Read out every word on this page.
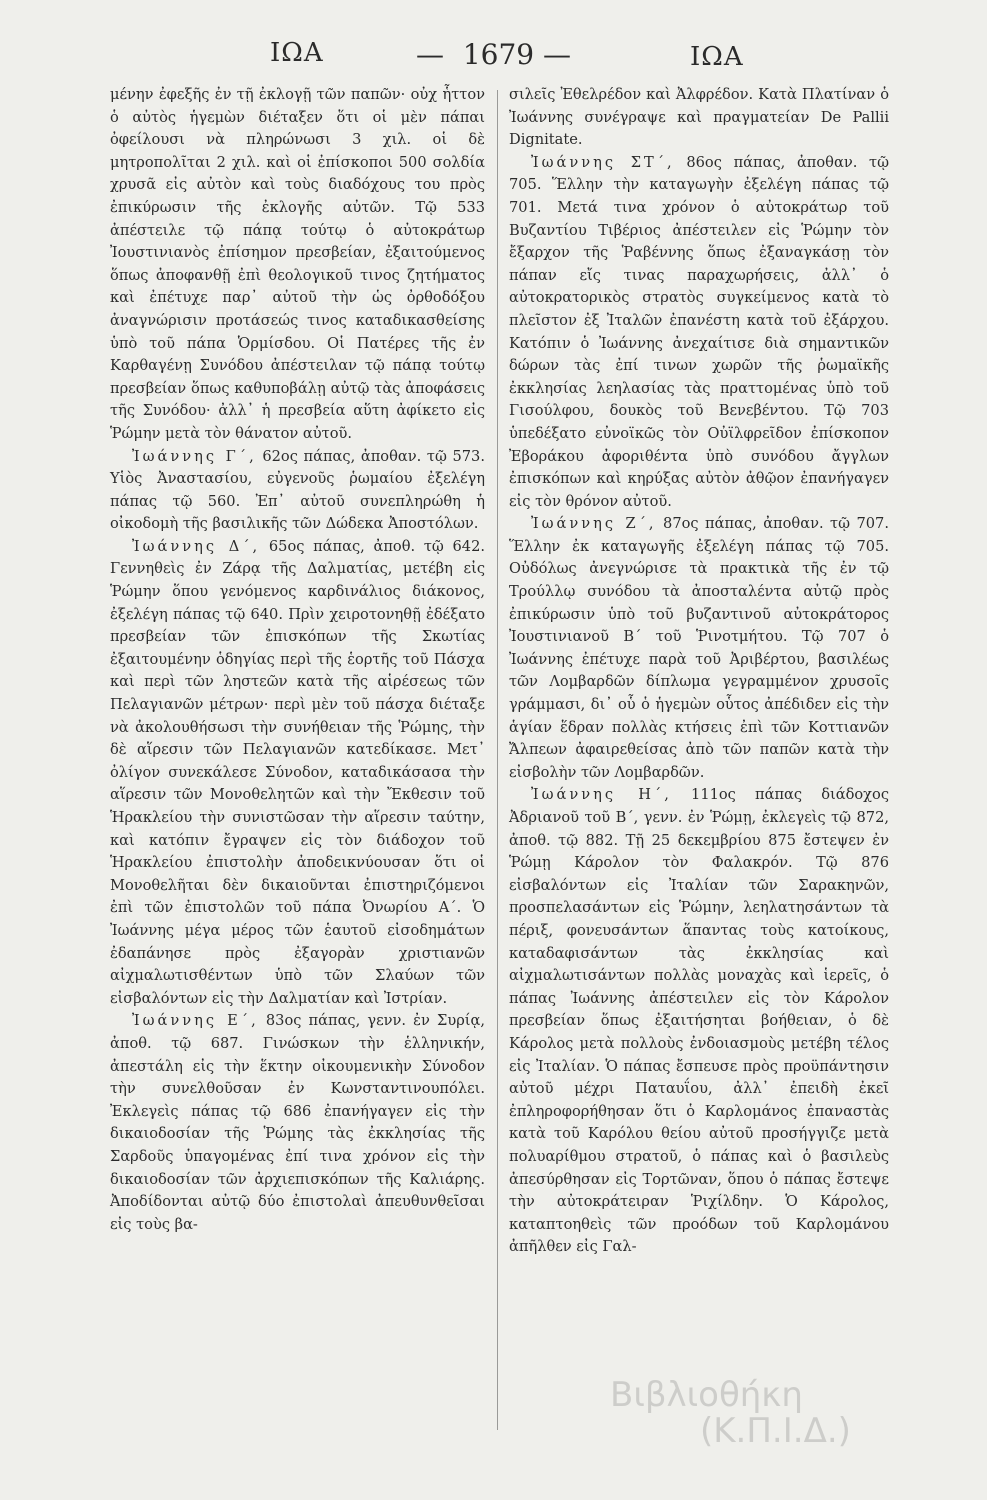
— 1679 —
ΙΩΑ	ΙΩΑ

μένην ἐφεξῆς ἐν τῇ ἐκλογῇ τῶν παπῶν· οὐχ ἧττον ὁ αὐτὸς ἡγεμὼν διέταξεν ὅτι οἱ μὲν πάπαι ὀφείλουσι νὰ πληρώνωσι 3 χιλ. οἱ δὲ μητροπολῖται 2 χιλ. καὶ οἱ ἐπίσκοποι 500 σολδία χρυσᾶ εἰς αὐτὸν καὶ τοὺς διαδόχους του πρὸς ἐπικύρωσιν τῆς ἐκλογῆς αὐτῶν. Τῷ 533 ἀπέστειλε τῷ πάπᾳ τούτῳ ὁ αὐτοκράτωρ Ἰουστινιανὸς ἐπίσημον πρεσβείαν, ἐξαιτούμενος ὅπως ἀποφανθῇ ἐπὶ θεολογικοῦ τινος ζητήματος καὶ ἐπέτυχε παρ᾽ αὐτοῦ τὴν ὡς ὀρθοδόξου ἀναγνώρισιν προτάσεώς τινος καταδικασθείσης ὑπὸ τοῦ πάπα Ὁρμίσδου. Οἱ Πατέρες τῆς ἐν Καρθαγένῃ Συνόδου ἀπέστειλαν τῷ πάπᾳ τούτῳ πρεσβείαν ὅπως καθυποβάλῃ αὐτῷ τὰς ἀποφάσεις τῆς Συνόδου· ἀλλ᾽ ἡ πρεσβεία αὕτη ἀφίκετο εἰς Ῥώμην μετὰ τὸν θάνατον αὐτοῦ.

Ἰωάννης Γ΄, 62ος πάπας, ἀποθαν. τῷ 573. Υἱὸς Ἀναστασίου, εὐγενοῦς ῥωμαίου ἐξελέγη πάπας τῷ 560. Ἐπ᾽ αὐτοῦ συνεπληρώθη ἡ οἰκοδομὴ τῆς βασιλικῆς τῶν Δώδεκα Ἀποστόλων.

Ἰωάννης Δ΄, 65ος πάπας, ἀποθ. τῷ 642. Γεννηθεὶς ἐν Ζάρᾳ τῆς Δαλματίας, μετέβη εἰς Ῥώμην ὅπου γενόμενος καρδινάλιος διάκονος, ἐξελέγη πάπας τῷ 640. Πρὶν χειροτονηθῇ ἐδέξατο πρεσβείαν τῶν ἐπισκόπων τῆς Σκωτίας ἐξαιτουμένην ὁδηγίας περὶ τῆς ἑορτῆς τοῦ Πάσχα καὶ περὶ τῶν ληστεῶν κατὰ τῆς αἱρέσεως τῶν Πελαγιανῶν μέτρων· περὶ μὲν τοῦ πάσχα διέταξε νὰ ἀκολουθήσωσι τὴν συνήθειαν τῆς Ῥώμης, τὴν δὲ αἵρεσιν τῶν Πελαγιανῶν κατεδίκασε. Μετ᾽ ὀλίγον συνεκάλεσε Σύνοδον, καταδικάσασα τὴν αἵρεσιν τῶν Μονοθελητῶν καὶ τὴν Ἔκθεσιν τοῦ Ἡρακλείου τὴν συνιστῶσαν τὴν αἵρεσιν ταύτην, καὶ κατόπιν ἔγραψεν εἰς τὸν διάδοχον τοῦ Ἡρακλείου ἐπιστολὴν ἀποδεικνύουσαν ὅτι οἱ Μονοθελῆται δὲν δικαιοῦνται ἐπιστηριζόμενοι ἐπὶ τῶν ἐπιστολῶν τοῦ πάπα Ὀνωρίου Α΄. Ὁ Ἰωάννης μέγα μέρος τῶν ἑαυτοῦ εἰσοδημάτων ἐδαπάνησε πρὸς ἐξαγορὰν χριστιανῶν αἰχμαλωτισθέντων ὑπὸ τῶν Σλαύων τῶν εἰσβαλόντων εἰς τὴν Δαλματίαν καὶ Ἰστρίαν.

Ἰωάννης Ε΄, 83ος πάπας, γενν. ἐν Συρίᾳ, ἀποθ. τῷ 687. Γινώσκων τὴν ἑλληνικήν, ἀπεστάλη εἰς τὴν ἕκτην οἰκουμενικὴν Σύνοδον τὴν συνελθοῦσαν ἐν Κωνσταντινουπόλει. Ἐκλεγεὶς πάπας τῷ 686 ἐπανήγαγεν εἰς τὴν δικαιοδοσίαν τῆς Ῥώμης τὰς ἐκκλησίας τῆς Σαρδοῦς ὑπαγομένας ἐπί τινα χρόνον εἰς τὴν δικαιοδοσίαν τῶν ἀρχιεπισκόπων τῆς Καλιάρης. Ἀποδίδονται αὐτῷ δύο ἐπιστολαὶ ἀπευθυνθεῖσαι εἰς τοὺς βα-

σιλεῖς Ἐθελρέδον καὶ Ἀλφρέδον. Κατὰ Πλατίναν ὁ Ἰωάννης συνέγραψε καὶ πραγματείαν De Pallii Dignitate.

Ἰωάννης ΣΤ΄, 86ος πάπας, ἀποθαν. τῷ 705. Ἕλλην τὴν καταγωγὴν ἐξελέγη πάπας τῷ 701. Μετά τινα χρόνον ὁ αὐτοκράτωρ τοῦ Βυζαντίου Τιβέριος ἀπέστειλεν εἰς Ῥώμην τὸν ἔξαρχον τῆς Ῥαβέννης ὅπως ἐξαναγκάσῃ τὸν πάπαν εἴς τινας παραχωρήσεις, ἀλλ᾽ ὁ αὐτοκρατορικὸς στρατὸς συγκείμενος κατὰ τὸ πλεῖστον ἐξ Ἰταλῶν ἐπανέστη κατὰ τοῦ ἐξάρχου. Κατόπιν ὁ Ἰωάννης ἀνεχαίτισε διὰ σημαντικῶν δώρων τὰς ἐπί τινων χωρῶν τῆς ῥωμαϊκῆς ἐκκλησίας λεηλασίας τὰς πραττομένας ὑπὸ τοῦ Γισούλφου, δουκὸς τοῦ Βενεβέντου. Τῷ 703 ὑπεδέξατο εὐνοϊκῶς τὸν Οὐϊλφρεῖδον ἐπίσκοπον Ἐβοράκου ἀφοριθέντα ὑπὸ συνόδου ἄγγλων ἐπισκόπων καὶ κηρύξας αὐτὸν ἀθῷον ἐπανήγαγεν εἰς τὸν θρόνον αὐτοῦ.

Ἰωάννης Ζ΄, 87ος πάπας, ἀποθαν. τῷ 707. Ἕλλην ἐκ καταγωγῆς ἐξελέγη πάπας τῷ 705. Οὐδόλως ἀνεγνώρισε τὰ πρακτικὰ τῆς ἐν τῷ Τρούλλῳ συνόδου τὰ ἀποσταλέντα αὐτῷ πρὸς ἐπικύρωσιν ὑπὸ τοῦ βυζαντινοῦ αὐτοκράτορος Ἰουστινιανοῦ Β΄ τοῦ Ῥινοτμήτου. Τῷ 707 ὁ Ἰωάννης ἐπέτυχε παρὰ τοῦ Ἀριβέρτου, βασιλέως τῶν Λομβαρδῶν δίπλωμα γεγραμμένον χρυσοῖς γράμμασι, δι᾽ οὗ ὁ ἡγεμὼν οὗτος ἀπέδιδεν εἰς τὴν ἁγίαν ἕδραν πολλὰς κτήσεις ἐπὶ τῶν Κοττιανῶν Ἄλπεων ἀφαιρεθείσας ἀπὸ τῶν παπῶν κατὰ τὴν εἰσβολὴν τῶν Λομβαρδῶν.

Ἰωάννης Η΄, 111ος πάπας διάδοχος Ἀδριανοῦ τοῦ Β΄, γενν. ἐν Ῥώμῃ, ἐκλεγεὶς τῷ 872, ἀποθ. τῷ 882. Τῇ 25 δεκεμβρίου 875 ἔστεψεν ἐν Ῥώμῃ Κάρολον τὸν Φαλακρόν. Τῷ 876 εἰσβαλόντων εἰς Ἰταλίαν τῶν Σαρακηνῶν, προσπελασάντων εἰς Ῥώμην, λεηλατησάντων τὰ πέριξ, φονευσάντων ἅπαντας τοὺς κατοίκους, καταδαφισάντων τὰς ἐκκλησίας καὶ αἰχμαλωτισάντων πολλὰς μοναχὰς καὶ ἱερεῖς, ὁ πάπας Ἰωάννης ἀπέστειλεν εἰς τὸν Κάρολον πρεσβείαν ὅπως ἐξαιτήσηται βοήθειαν, ὁ δὲ Κάρολος μετὰ πολλοὺς ἐνδοιασμοὺς μετέβη τέλος εἰς Ἰταλίαν. Ὁ πάπας ἔσπευσε πρὸς προϋπάντησιν αὐτοῦ μέχρι Παταυΐου, ἀλλ᾽ ἐπειδὴ ἐκεῖ ἐπληροφορήθησαν ὅτι ὁ Καρλομάνος ἐπαναστὰς κατὰ τοῦ Καρόλου θείου αὐτοῦ προσήγγιζε μετὰ πολυαρίθμου στρατοῦ, ὁ πάπας καὶ ὁ βασιλεὺς ἀπεσύρθησαν εἰς Τορτῶναν, ὅπου ὁ πάπας ἔστεψε τὴν αὐτοκράτειραν Ῥιχίλδην. Ὁ Κάρολος, καταπτοηθεὶς τῶν προόδων τοῦ Καρλομάνου ἀπῆλθεν εἰς Γαλ-

Βιβλιοθήκη
(Κ.Π.Ι.Δ.)
